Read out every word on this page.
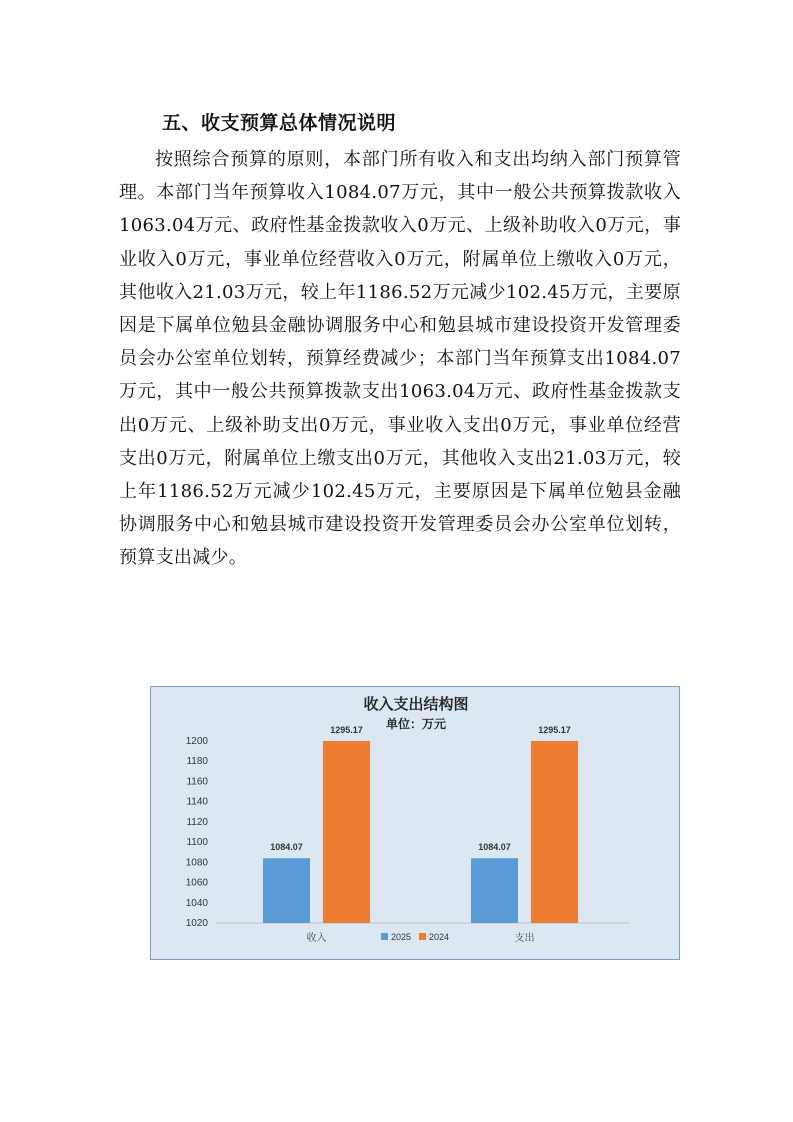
五、收支预算总体情况说明

按照综合预算的原则，本部门所有收入和支出均纳入部门预算管理。本部门当年预算收入1084.07万元，其中一般公共预算拨款收入1063.04万元、政府性基金拨款收入0万元、上级补助收入0万元，事业收入0万元，事业单位经营收入0万元，附属单位上缴收入0万元，其他收入21.03万元，较上年1186.52万元减少102.45万元，主要原因是下属单位勉县金融协调服务中心和勉县城市建设投资开发管理委员会办公室单位划转，预算经费减少；本部门当年预算支出1084.07万元，其中一般公共预算拨款支出1063.04万元、政府性基金拨款支出0万元、上级补助支出0万元，事业收入支出0万元，事业单位经营支出0万元，附属单位上缴支出0万元，其他收入支出21.03万元，较上年1186.52万元减少102.45万元，主要原因是下属单位勉县金融协调服务中心和勉县城市建设投资开发管理委员会办公室单位划转，预算支出减少。

收入支出结构图
单位：万元
1200
1180
1160
1140
1120
1100
1080
1060
1040
1020
1084.07
1295.17
1084.07
1295.17
收入	支出
2025 2024
